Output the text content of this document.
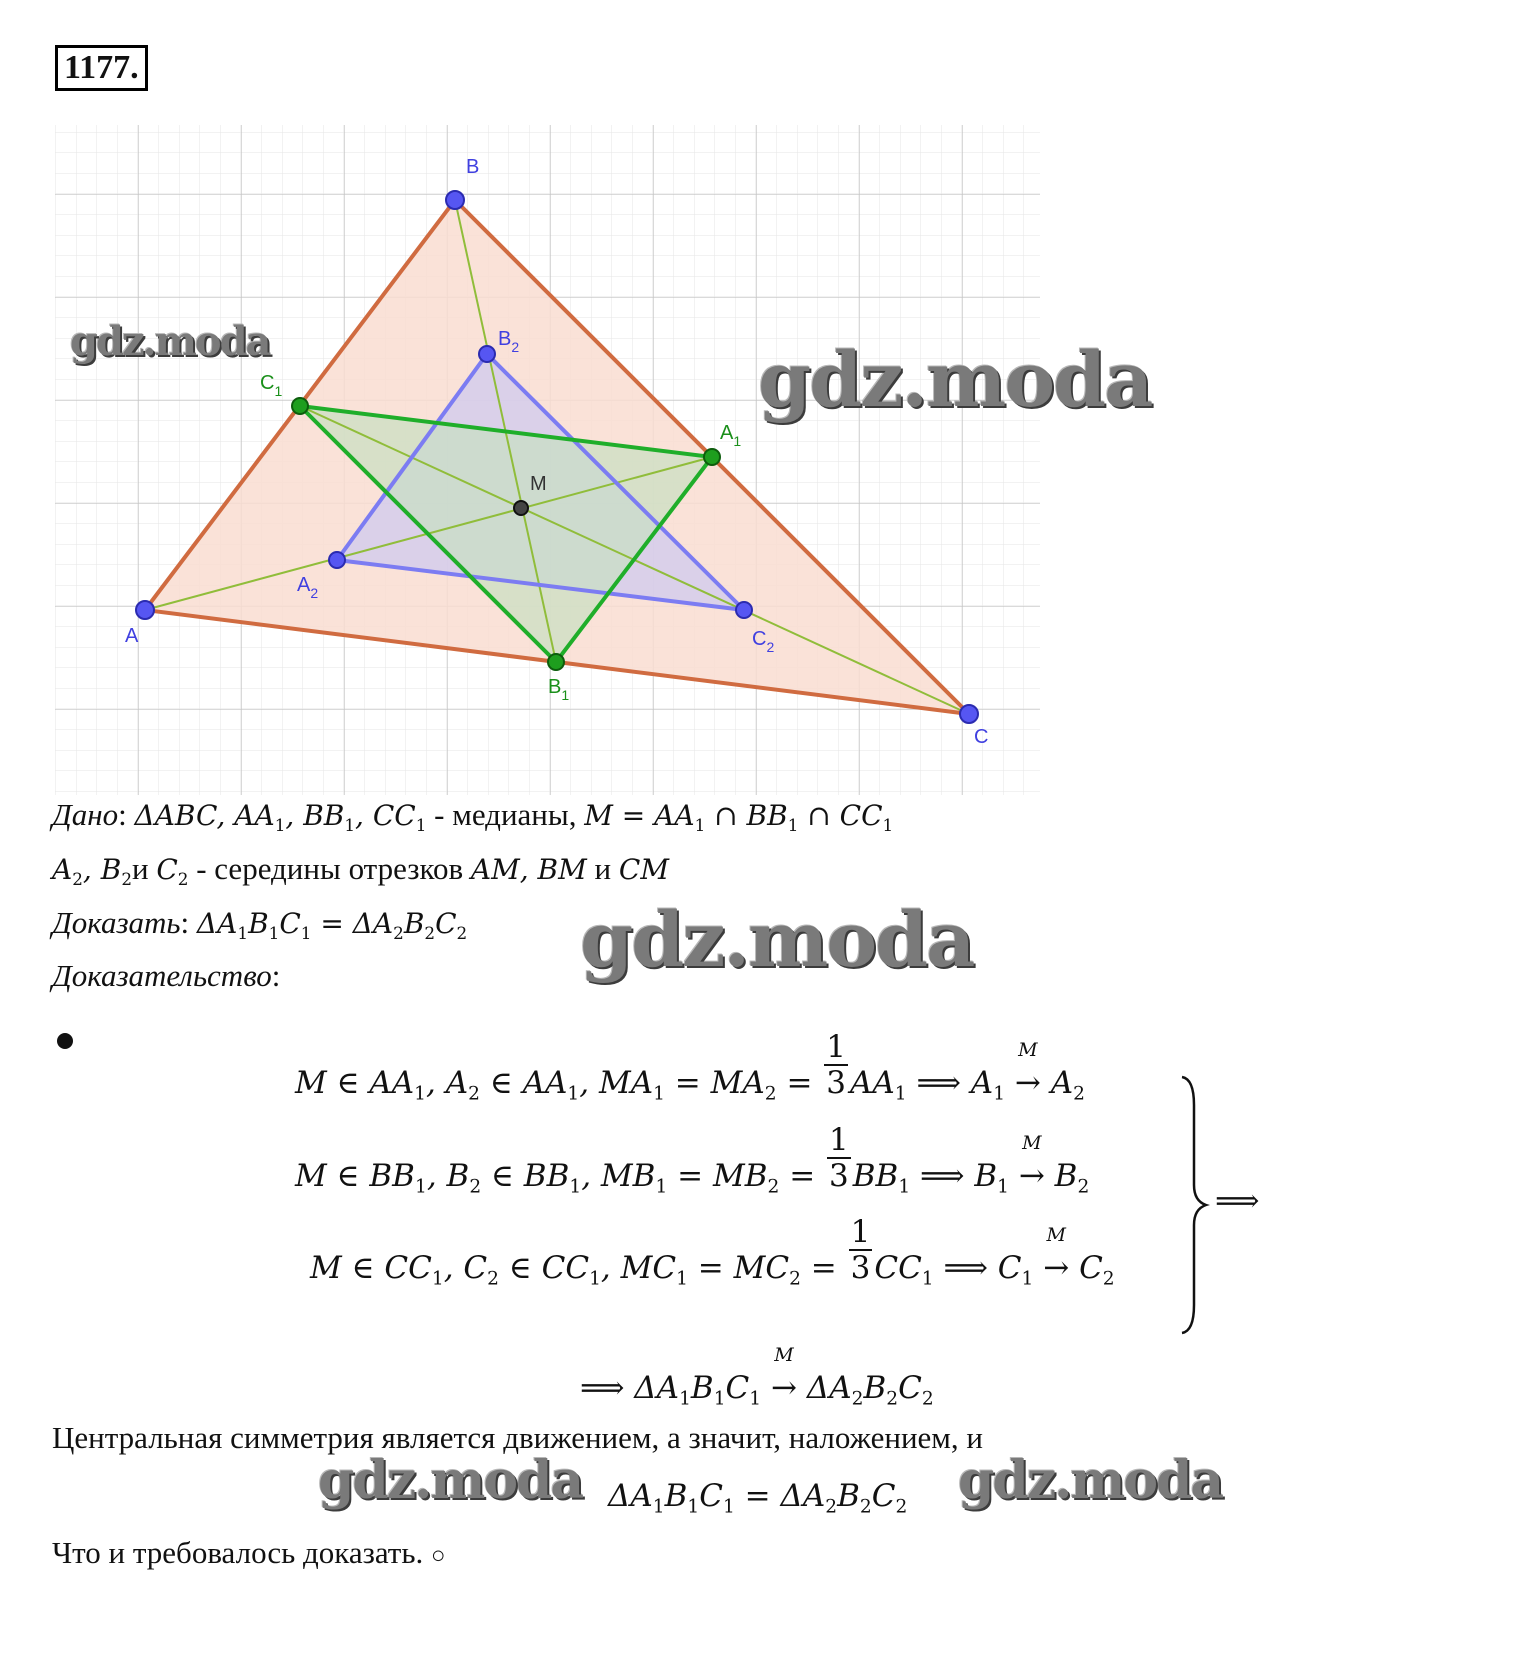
1177.
A
B
C
M
$B_2$
$A_2$
$C_2$
$A_1$
$B_1$
$C_1$
gdz.moda	gdz.moda
gdz.moda
gdz.moda	gdz.moda
Дано: ΔABC, $AA_1$, $BB_1$, $CC_1$ - медианы, $M = AA_1$ ∩ $BB_1$ ∩ $CC_1$
$A_2$, $B_2и$ $C_2$ - середины отрезков AM, BM и CM
Доказать: $\Delta A_1B_1C_1 = \Delta A_2B_2C_2$
Доказательство:
M ∈ $AA_1$, $A_2$ ∈ $AA_1$, $MA_1 = MA_2 = \frac{1}{3} AA_1$ ⟹ $A_1$
M
→ $A_2$
M ∈ $BB_1$, $B_2$ ∈ $BB_1$, $MB_1 = MB_2 = \frac{1}{3} BB_1$ ⟹ $B_1$
M
→ $B_2$
M ∈ $CC_1$, $C_2$ ∈ $CC_1$, $MC_1 = MC_2 = \frac{1}{3} CC_1$ ⟹ $C_1$
M
→ $C_2$
⟹
⟹ $\Delta A_1B_1C_1$
M
→ $\Delta A_2B_2C_2$
Центральная симметрия является движением, а значит, наложением, и
$\Delta A_1B_1C_1 = \Delta A_2B_2C_2$
Что и требовалось доказать. ○
